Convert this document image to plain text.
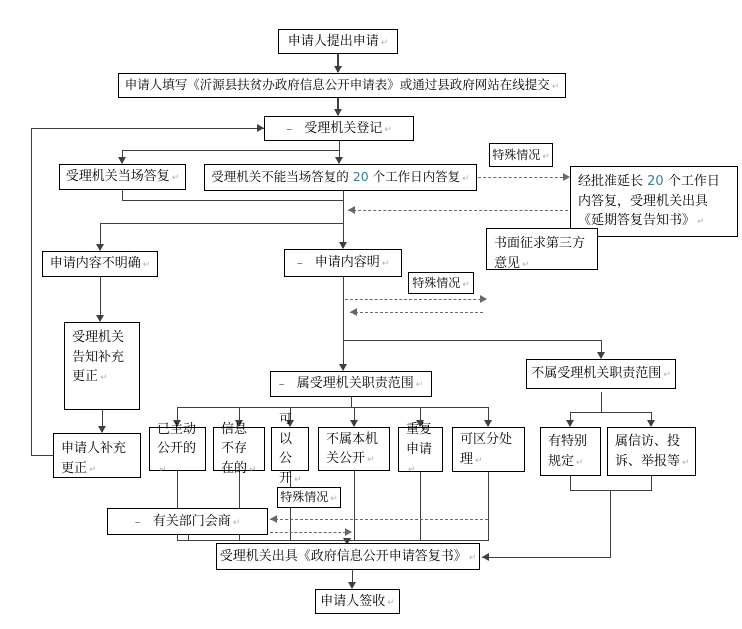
申请人提出申请 ↵
申请人填写《沂源县扶贫办政府信息公开申请表》或通过县政府网站在线提交 ↵
– 受理机关登记 ↵
受理机关当场答复 ↵	受理机关不能当场答复的 20 个工作日内答复 ↵
特殊情况 ↵
经批准延长 20 个工作日内答复，受理机关出具《延期答复告知书》 ↵
书面征求第三方意见 ↵
申请内容不明确 ↵	– 申请内容明 ↵
特殊情况 ↵
受理机关告知补充更正 ↵
申请人补充更正 ↵
– 属受理机关职责范围 ↵
不属受理机关职责范围 ↵
已主动公开的 ↵
信息不存在的 ↵
可以公开 ↵
不属本机关公开 ↵
重复申请 ↵
可区分处理 ↵
有特别规定 ↵
属信访、投诉、举报等 ↵
特殊情况 ↵
– 有关部门会商 ↵
受理机关出具《政府信息公开申请答复书》 ↵
申请人签收 ↵
